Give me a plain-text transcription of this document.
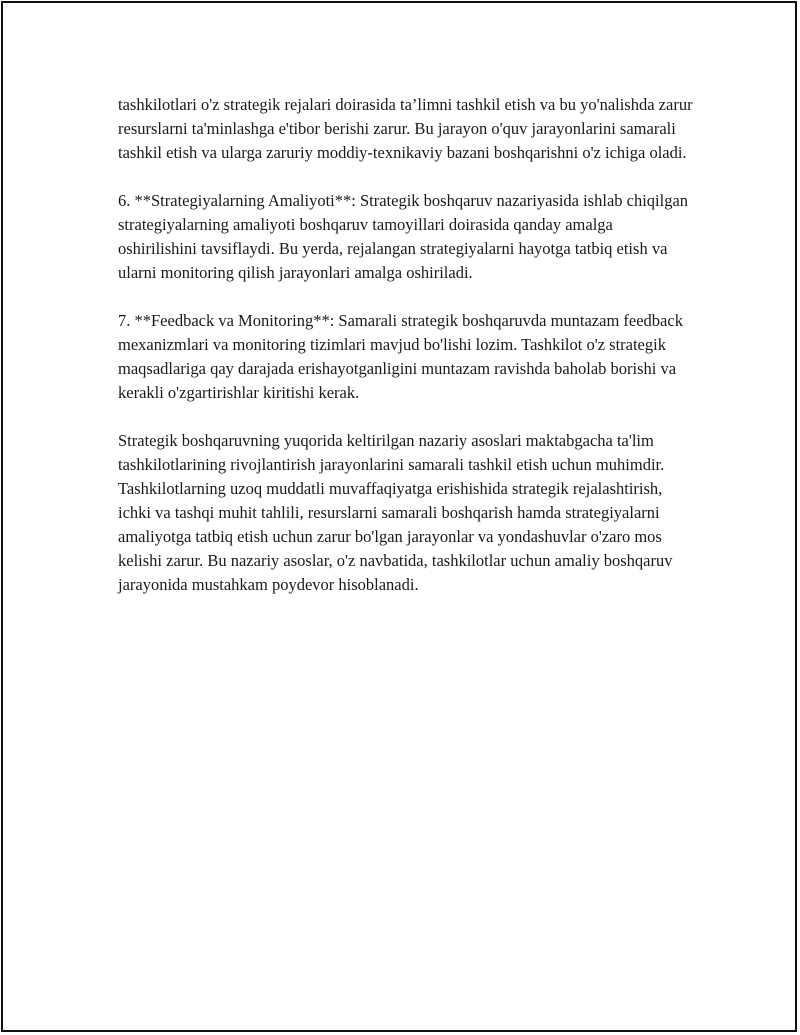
tashkilotlari o'z strategik rejalari doirasida ta’limni tashkil etish va bu yo'nalishda zarur resurslarni ta'minlashga e'tibor berishi zarur. Bu jarayon o'quv jarayonlarini samarali tashkil etish va ularga zaruriy moddiy-texnikaviy bazani boshqarishni o'z ichiga oladi.

6. **Strategiyalarning Amaliyoti**: Strategik boshqaruv nazariyasida ishlab chiqilgan strategiyalarning amaliyoti boshqaruv tamoyillari doirasida qanday amalga oshirilishini tavsiflaydi. Bu yerda, rejalangan strategiyalarni hayotga tatbiq etish va ularni monitoring qilish jarayonlari amalga oshiriladi.

7. **Feedback va Monitoring**: Samarali strategik boshqaruvda muntazam feedback mexanizmlari va monitoring tizimlari mavjud bo'lishi lozim. Tashkilot o'z strategik maqsadlariga qay darajada erishayotganligini muntazam ravishda baholab borishi va kerakli o'zgartirishlar kiritishi kerak.

Strategik boshqaruvning yuqorida keltirilgan nazariy asoslari maktabgacha ta'lim tashkilotlarining rivojlantirish jarayonlarini samarali tashkil etish uchun muhimdir. Tashkilotlarning uzoq muddatli muvaffaqiyatga erishishida strategik rejalashtirish, ichki va tashqi muhit tahlili, resurslarni samarali boshqarish hamda strategiyalarni amaliyotga tatbiq etish uchun zarur bo'lgan jarayonlar va yondashuvlar o'zaro mos kelishi zarur. Bu nazariy asoslar, o'z navbatida, tashkilotlar uchun amaliy boshqaruv jarayonida mustahkam poydevor hisoblanadi.
